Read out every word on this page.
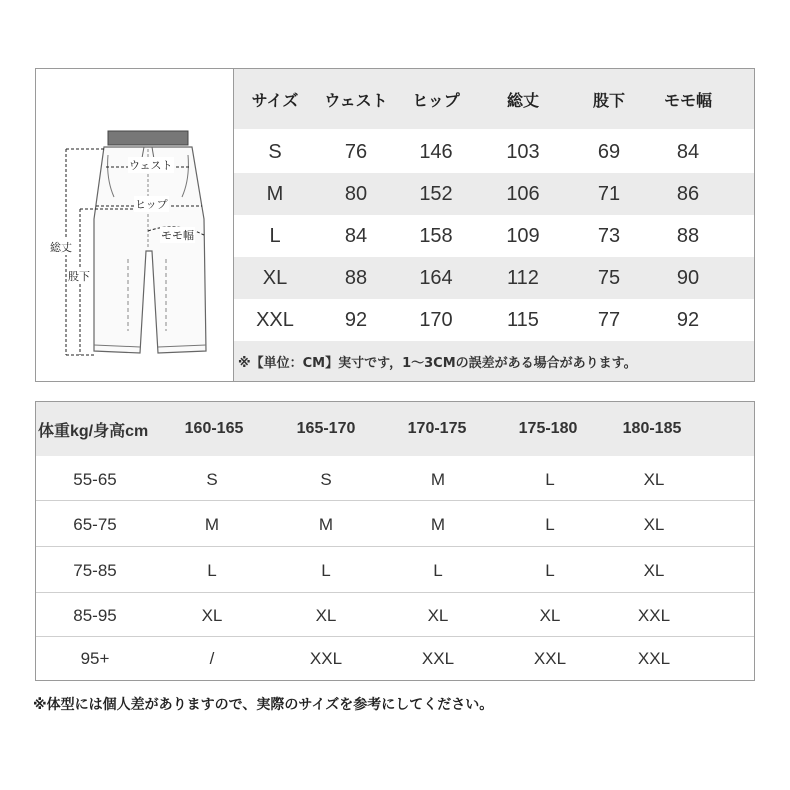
ウェスト
ヒップ
モモ幅
総丈
股下
サイズ	ウェスト	ヒップ	総丈	股下	モモ幅
S	76	146	103	69	84
M	80	152	106	71	86
L	84	158	109	73	88
XL	88	164	112	75	90
XXL	92	170	115	77	92
※【単位：CM】実寸です，1〜3CMの誤差がある場合があります。
体重kg/身高cm	160-165	165-170	170-175	175-180	180-185
55-65	S	S	M	L	XL
65-75	M	M	M	L	XL
75-85	L	L	L	L	XL
85-95	XL	XL	XL	XL	XXL
95+	/	XXL	XXL	XXL	XXL
※体型には個人差がありますので、実際のサイズを参考にしてください。
